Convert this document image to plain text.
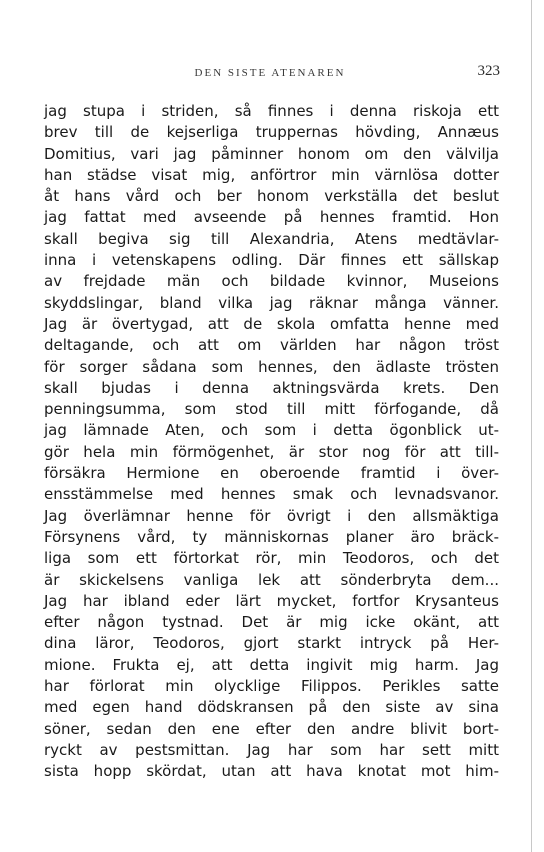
DEN SISTE ATENAREN	323
jag stupa i striden, så finnes i denna riskoja ett
brev till de kejserliga truppernas hövding, Annæus
Domitius, vari jag påminner honom om den välvilja
han städse visat mig, anförtror min värnlösa dotter
åt hans vård och ber honom verkställa det beslut
jag fattat med avseende på hennes framtid. Hon
skall begiva sig till Alexandria, Atens medtävlar-
inna i vetenskapens odling. Där finnes ett sällskap
av frejdade män och bildade kvinnor, Museions
skyddslingar, bland vilka jag räknar många vänner.
Jag är övertygad, att de skola omfatta henne med
deltagande, och att om världen har någon tröst
för sorger sådana som hennes, den ädlaste trösten
skall bjudas i denna aktningsvärda krets. Den
penningsumma, som stod till mitt förfogande, då
jag lämnade Aten, och som i detta ögonblick ut-
gör hela min förmögenhet, är stor nog för att till-
försäkra Hermione en oberoende framtid i över-
ensstämmelse med hennes smak och levnadsvanor.
Jag överlämnar henne för övrigt i den allsmäktiga
Försynens vård, ty människornas planer äro bräck-
liga som ett förtorkat rör, min Teodoros, och det
är skickelsens vanliga lek att sönderbryta dem...
Jag har ibland eder lärt mycket, fortfor Krysanteus
efter någon tystnad. Det är mig icke okänt, att
dina läror, Teodoros, gjort starkt intryck på Her-
mione. Frukta ej, att detta ingivit mig harm. Jag
har förlorat min olycklige Filippos. Perikles satte
med egen hand dödskransen på den siste av sina
söner, sedan den ene efter den andre blivit bort-
ryckt av pestsmittan. Jag har som har sett mitt
sista hopp skördat, utan att hava knotat mot him-
